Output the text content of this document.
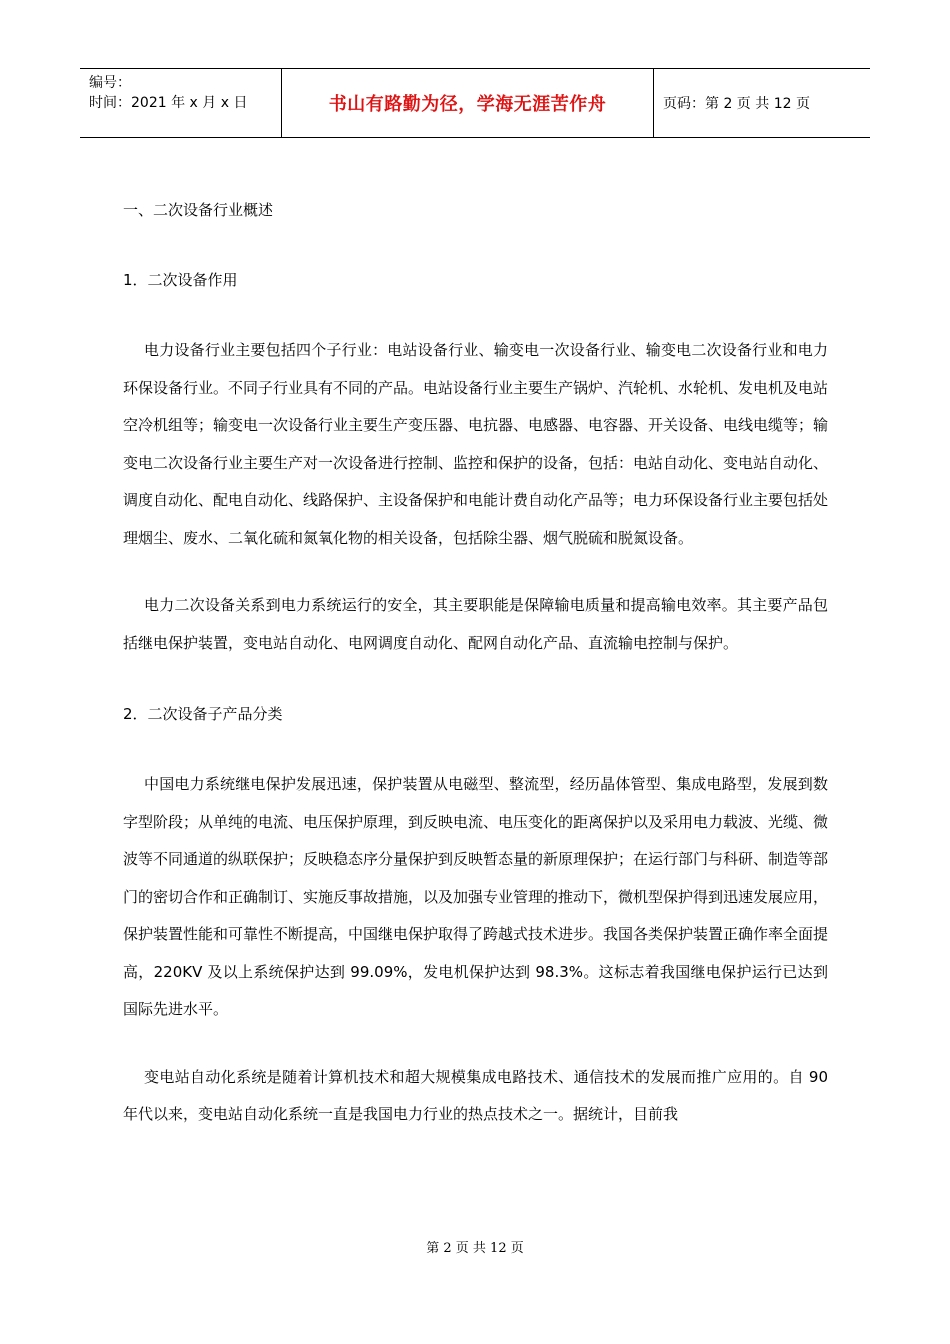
编号：
时间：2021 年 x 月 x 日	书山有路勤为径，学海无涯苦作舟	页码：第 2 页 共 12 页
一、二次设备行业概述
1．二次设备作用

电力设备行业主要包括四个子行业：电站设备行业、输变电一次设备行业、输变电二次设备行业和电力环保设备行业。不同子行业具有不同的产品。电站设备行业主要生产锅炉、汽轮机、水轮机、发电机及电站空冷机组等；输变电一次设备行业主要生产变压器、电抗器、电感器、电容器、开关设备、电线电缆等；输变电二次设备行业主要生产对一次设备进行控制、监控和保护的设备，包括：电站自动化、变电站自动化、调度自动化、配电自动化、线路保护、主设备保护和电能计费自动化产品等；电力环保设备行业主要包括处理烟尘、废水、二氧化硫和氮氧化物的相关设备，包括除尘器、烟气脱硫和脱氮设备。

电力二次设备关系到电力系统运行的安全，其主要职能是保障输电质量和提高输电效率。其主要产品包括继电保护装置，变电站自动化、电网调度自动化、配网自动化产品、直流输电控制与保护。

2．二次设备子产品分类

中国电力系统继电保护发展迅速，保护装置从电磁型、整流型，经历晶体管型、集成电路型，发展到数字型阶段；从单纯的电流、电压保护原理，到反映电流、电压变化的距离保护以及采用电力载波、光缆、微波等不同通道的纵联保护；反映稳态序分量保护到反映暂态量的新原理保护；在运行部门与科研、制造等部门的密切合作和正确制订、实施反事故措施，以及加强专业管理的推动下，微机型保护得到迅速发展应用，保护装置性能和可靠性不断提高，中国继电保护取得了跨越式技术进步。我国各类保护装置正确作率全面提高，220KV 及以上系统保护达到 99.09%，发电机保护达到 98.3%。这标志着我国继电保护运行已达到国际先进水平。

变电站自动化系统是随着计算机技术和超大规模集成电路技术、通信技术的发展而推广应用的。自 90 年代以来，变电站自动化系统一直是我国电力行业的热点技术之一。据统计，目前我

第 2 页 共 12 页
